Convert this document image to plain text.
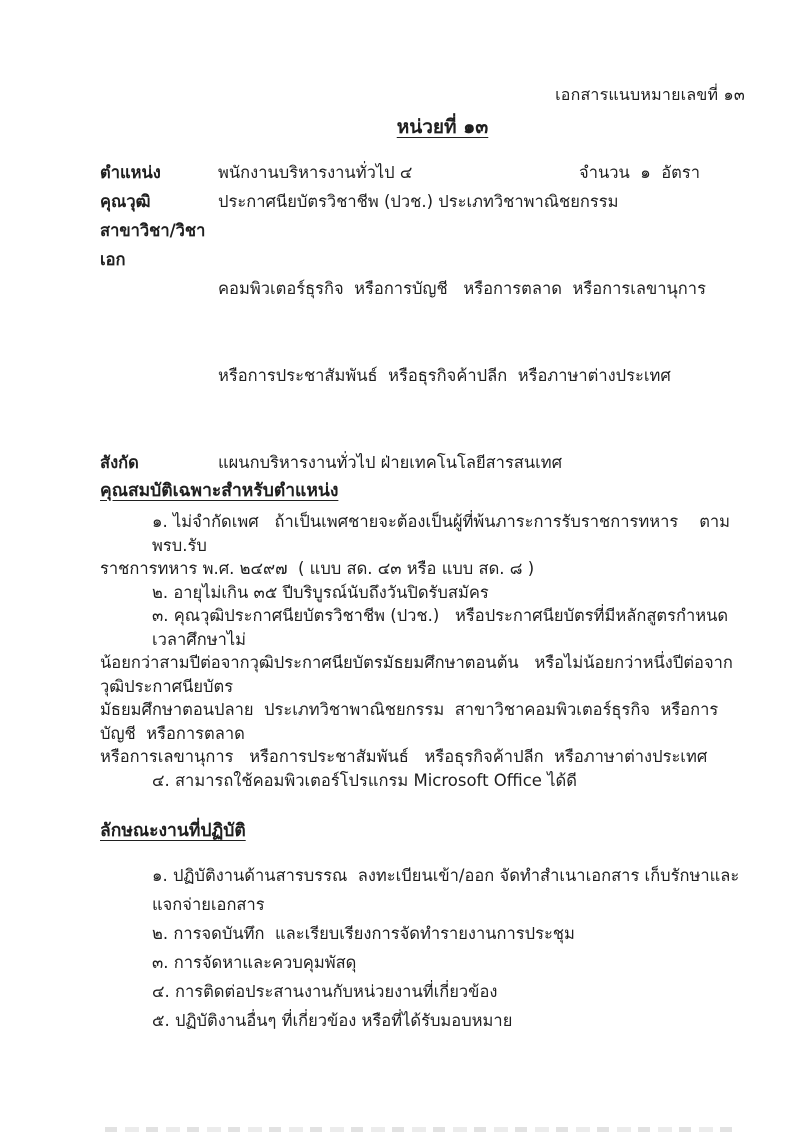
เอกสารแนบหมายเลขที่ ๑๓
หน่วยที่ ๑๓
ตำแหน่ง	พนักงานบริหารงานทั่วไป ๔	จำนวน  ๑  อัตรา
คุณวุฒิ	ประกาศนียบัตรวิชาชีพ (ปวช.) ประเภทวิชาพาณิชยกรรม
สาขาวิชา/วิชาเอก

คอมพิวเตอร์ธุรกิจ  หรือการบัญชี   หรือการตลาด  หรือการเลขานุการ

หรือการประชาสัมพันธ์  หรือธุรกิจค้าปลีก  หรือภาษาต่างประเทศ

สังกัด	แผนกบริหารงานทั่วไป ฝ่ายเทคโนโลยีสารสนเทศ
คุณสมบัติเฉพาะสำหรับตำแหน่ง
๑. ไม่จำกัดเพศ   ถ้าเป็นเพศชายจะต้องเป็นผู้ที่พ้นภาระการรับราชการทหาร    ตาม พรบ.รับ
ราชการทหาร พ.ศ. ๒๔๙๗  ( แบบ สด. ๔๓ หรือ แบบ สด. ๘ )
๒. อายุไม่เกิน ๓๕ ปีบริบูรณ์นับถึงวันปิดรับสมัคร
๓. คุณวุฒิประกาศนียบัตรวิชาชีพ (ปวช.)   หรือประกาศนียบัตรที่มีหลักสูตรกำหนดเวลาศึกษาไม่
น้อยกว่าสามปีต่อจากวุฒิประกาศนียบัตรมัธยมศึกษาตอนต้น   หรือไม่น้อยกว่าหนึ่งปีต่อจากวุฒิประกาศนียบัตร
มัธยมศึกษาตอนปลาย  ประเภทวิชาพาณิชยกรรม  สาขาวิชาคอมพิวเตอร์ธุรกิจ  หรือการบัญชี  หรือการตลาด
หรือการเลขานุการ   หรือการประชาสัมพันธ์   หรือธุรกิจค้าปลีก  หรือภาษาต่างประเทศ
๔. สามารถใช้คอมพิวเตอร์โปรแกรม Microsoft Office ได้ดี
ลักษณะงานที่ปฏิบัติ
๑. ปฏิบัติงานด้านสารบรรณ  ลงทะเบียนเข้า/ออก จัดทำสำเนาเอกสาร เก็บรักษาและแจกจ่ายเอกสาร
๒. การจดบันทึก  และเรียบเรียงการจัดทำรายงานการประชุม
๓. การจัดหาและควบคุมพัสดุ
๔. การติดต่อประสานงานกับหน่วยงานที่เกี่ยวข้อง
๕. ปฏิบัติงานอื่นๆ ที่เกี่ยวข้อง หรือที่ได้รับมอบหมาย
